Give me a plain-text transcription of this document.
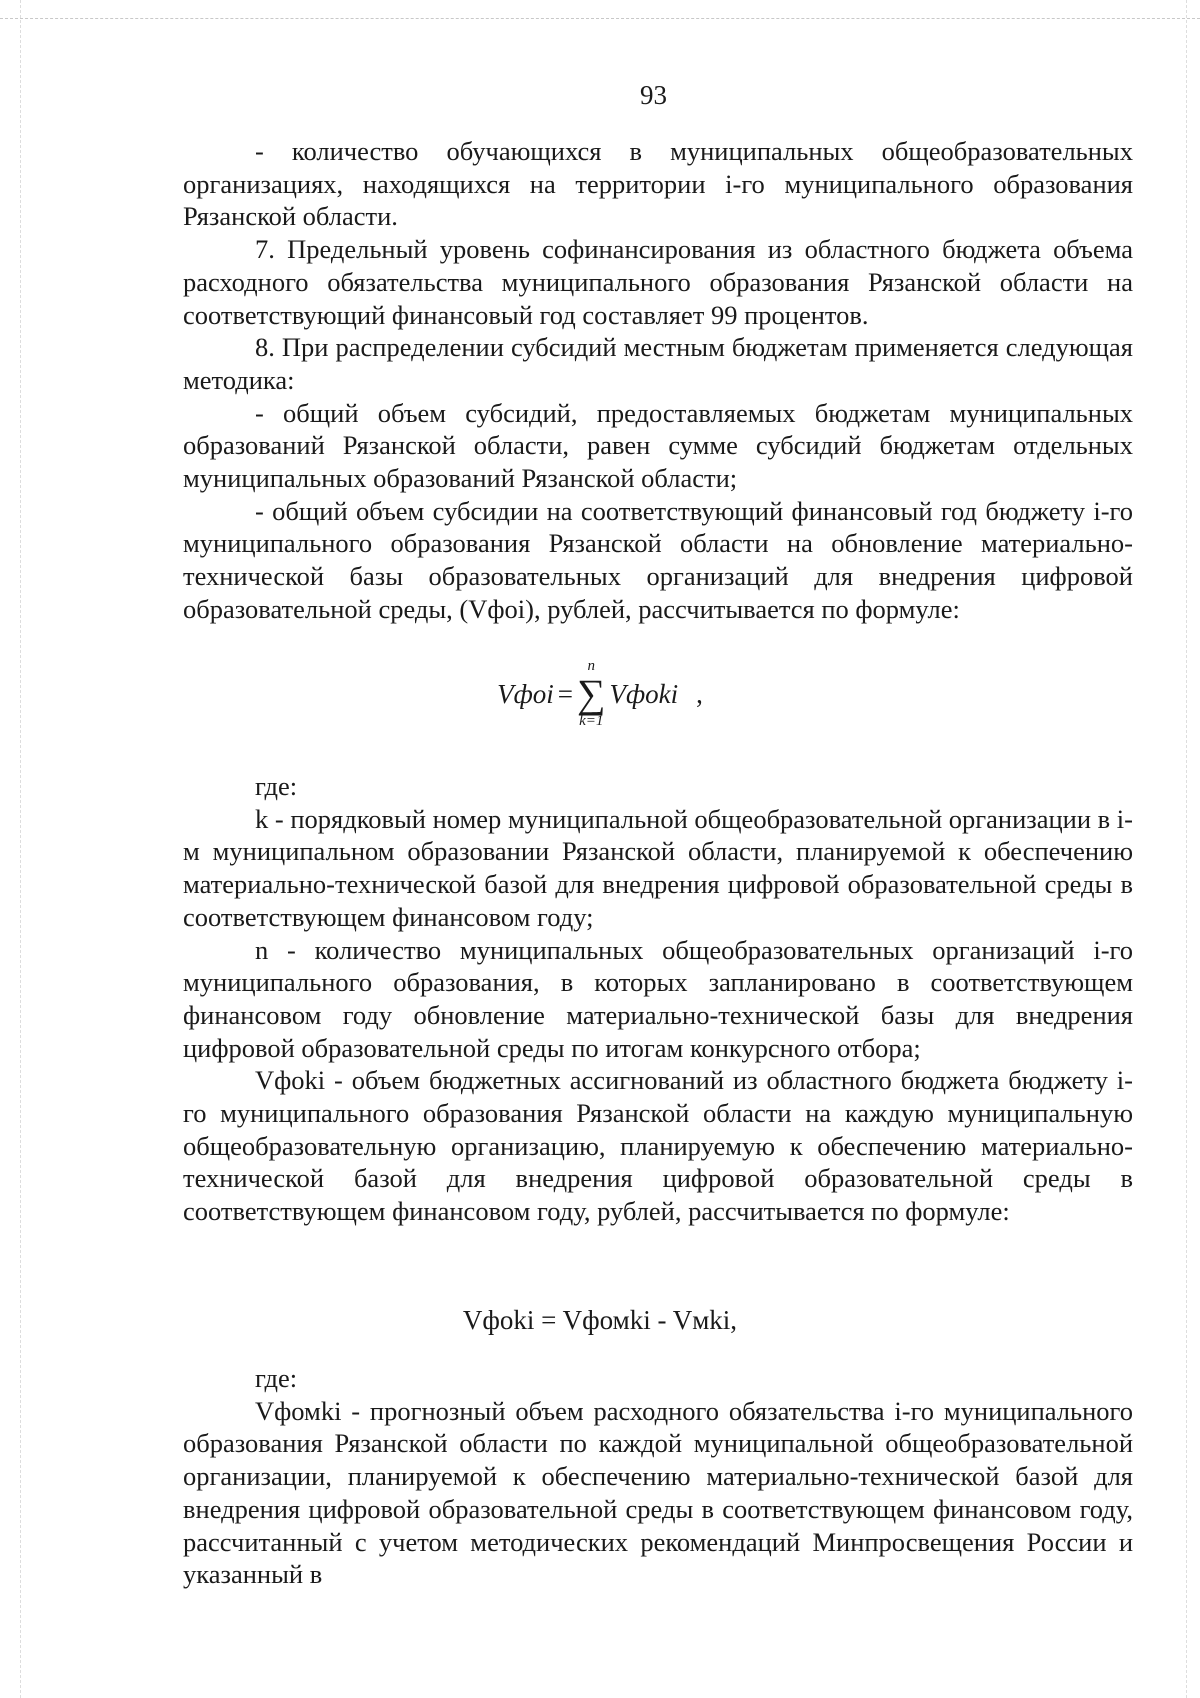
93

- количество обучающихся в муниципальных общеобразовательных организациях, находящихся на территории i-го муниципального образования Рязанской области.

7. Предельный уровень софинансирования из областного бюджета объема расходного обязательства муниципального образования Рязанской области на соответствующий финансовый год составляет 99 процентов.

8. При распределении субсидий местным бюджетам применяется следующая методика:

- общий объем субсидий, предоставляемых бюджетам муниципальных образований Рязанской области, равен сумме субсидий бюджетам отдельных муниципальных образований Рязанской области;

- общий объем субсидии на соответствующий финансовый год бюджету i-го муниципального образования Рязанской области на обновление материально-технической базы образовательных организаций для внедрения цифровой образовательной среды, (Vфoi), рублей, рассчитывается по формуле:

Vфoi =
n
∑
k=1
Vфoki ,

где:

k - порядковый номер муниципальной общеобразовательной организации в i-м муниципальном образовании Рязанской области, планируемой к обеспечению материально-технической базой для внедрения цифровой образовательной среды в соответствующем финансовом году;

n - количество муниципальных общеобразовательных организаций i-го муниципального образования, в которых запланировано в соответствующем финансовом году обновление материально-технической базы для внедрения цифровой образовательной среды по итогам конкурсного отбора;

Vфoki - объем бюджетных ассигнований из областного бюджета бюджету i-го муниципального образования Рязанской области на каждую муниципальную общеобразовательную организацию, планируемую к обеспечению материально-технической базой для внедрения цифровой образовательной среды в соответствующем финансовом году, рублей, рассчитывается по формуле:

Vфoki = Vфомki - Vмki,

где:

Vфомki - прогнозный объем расходного обязательства i-го муниципального образования Рязанской области по каждой муниципальной общеобразовательной организации, планируемой к обеспечению материально-технической базой для внедрения цифровой образовательной среды в соответствующем финансовом году, рассчитанный с учетом методических рекомендаций Минпросвещения России и указанный в
